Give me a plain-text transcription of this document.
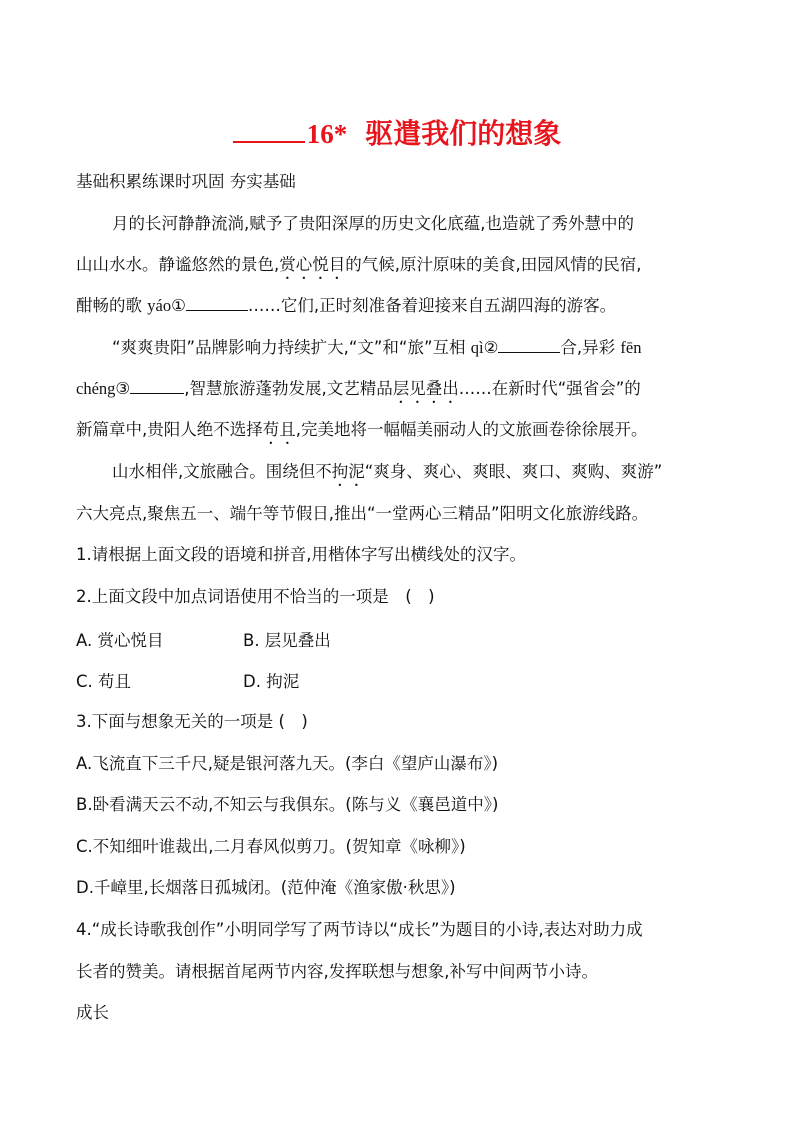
16* 驱遣我们的想象
基础积累练课时巩固 夯实基础
月的长河静静流淌,赋予了贵阳深厚的历史文化底蕴,也造就了秀外慧中的
山山水水。静谧悠然的景色,赏心悦目的气候,原汁原味的美食,田园风情的民宿,
酣畅的歌 yáo①	……它们,正时刻准备着迎接来自五湖四海的游客。
“爽爽贵阳”品牌影响力持续扩大,“文”和“旅”互相 qì②	合,异彩 fēn
chéng③	,智慧旅游蓬勃发展,文艺精品层见叠出……在新时代“强省会”的
新篇章中,贵阳人绝不选择苟且,完美地将一幅幅美丽动人的文旅画卷徐徐展开。
山水相伴,文旅融合。围绕但不拘泥“爽身、爽心、爽眼、爽口、爽购、爽游”
六大亮点,聚焦五一、端午等节假日,推出“一堂两心三精品”阳明文化旅游线路。
1.请根据上面文段的语境和拼音,用楷体字写出横线处的汉字。
2.上面文段中加点词语使用不恰当的一项是　(　)
A. 赏心悦目	B. 层见叠出
C. 苟且	D. 拘泥
3.下面与想象无关的一项是 (　)
A.飞流直下三千尺,疑是银河落九天。(李白《望庐山瀑布》)
B.卧看满天云不动,不知云与我俱东。(陈与义《襄邑道中》)
C.不知细叶谁裁出,二月春风似剪刀。(贺知章《咏柳》)
D.千嶂里,长烟落日孤城闭。(范仲淹《渔家傲·秋思》)
4.“成长诗歌我创作”小明同学写了两节诗以“成长”为题目的小诗,表达对助力成
长者的赞美。请根据首尾两节内容,发挥联想与想象,补写中间两节小诗。
成长
